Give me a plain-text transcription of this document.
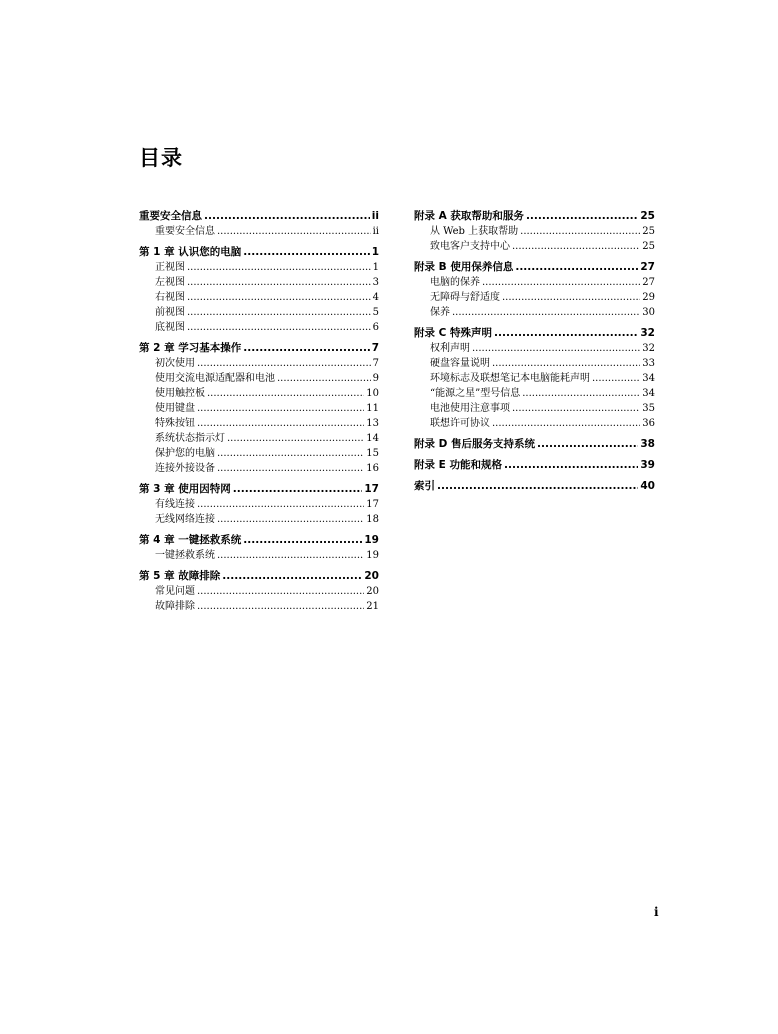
目录
重要安全信息 .....	ii
重要安全信息 .....	ii
第 1 章 认识您的电脑 .....	1
正视图 .....	1
左视图 .....	3
右视图 .....	4
前视图 .....	5
底视图 .....	6
第 2 章 学习基本操作 .....	7
初次使用 .....	7
使用交流电源适配器和电池 .....	9
使用触控板 .....	10
使用键盘 .....	11
特殊按钮 .....	13
系统状态指示灯 .....	14
保护您的电脑 .....	15
连接外接设备 .....	16
第 3 章 使用因特网 .....	17
有线连接 .....	17
无线网络连接 .....	18
第 4 章 一键拯救系统 .....	19
一键拯救系统 .....	19
第 5 章 故障排除 .....	20
常见问题 .....	20
故障排除 .....	21
附录 A 获取帮助和服务 .....	25
从 Web 上获取帮助 .....	25
致电客户支持中心 .....	25
附录 B 使用保养信息 .....	27
电脑的保养 .....	27
无障碍与舒适度 .....	29
保养 .....	30
附录 C 特殊声明 .....	32
权利声明 .....	32
硬盘容量说明 .....	33
环境标志及联想笔记本电脑能耗声明 .....	34
“能源之星”型号信息 .....	34
电池使用注意事项 .....	35
联想许可协议 .....	36
附录 D 售后服务支持系统 .....	38
附录 E 功能和规格 .....	39
索引 .....	40
i
